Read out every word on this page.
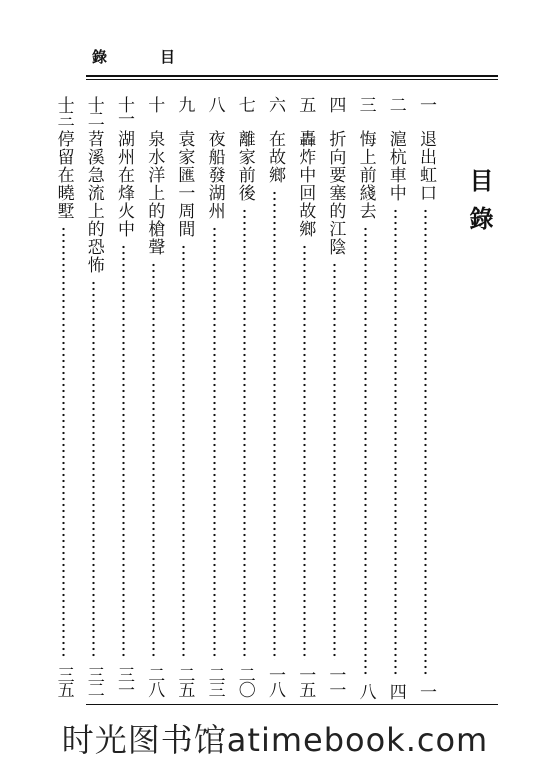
錄	目
目錄
一
退出虹口
一
二
滬杭車中
四
三
悔上前綫去
八
四
折向要塞的江陰
一一
五
轟炸中回故鄉
一五
六
在故鄉
一八
七
離家前後
二〇
八
夜船發湖州
二三
九
袁家匯一周間
二五
十
泉水洋上的槍聲
二八
十一
湖州在烽火中
三一
十二
苕溪急流上的恐怖
三二
十三
停留在曉墅
三五
时光图书馆atimebook.com
